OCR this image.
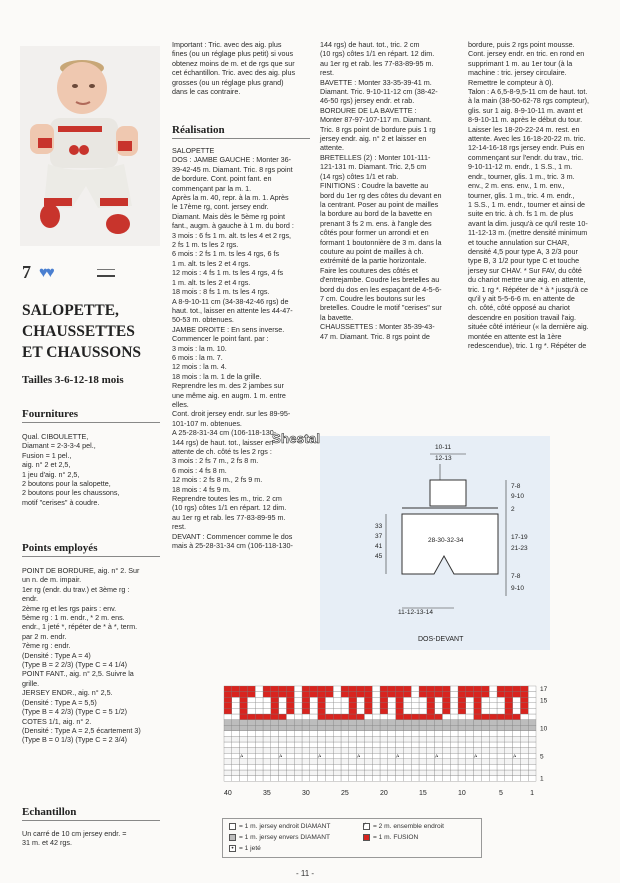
7 ♥♥
SALOPETTE,
CHAUSSETTES
ET CHAUSSONS
Tailles 3-6-12-18 mois
Fournitures
Qual. CIBOULETTE,
Diamant = 2-3-3-4 pel.,
Fusion = 1 pel.,
aig. n° 2 et 2,5,
1 jeu d'aig. n° 2,5,
2 boutons pour la salopette,
2 boutons pour les chaussons,
motif "cerises" à coudre.
Points employés
POINT DE BORDURE, aig. n° 2. Sur
un n. de m. impair.
1er rg (endr. du trav.) et 3ème rg :
endr.
2ème rg et les rgs pairs : env.
5ème rg : 1 m. endr., * 2 m. ens.
endr., 1 jeté *, répéter de * à *, term.
par 2 m. endr.
7ème rg : endr.
(Densité : Type A = 4)
(Type B = 2 2/3) (Type C = 4 1/4)
POINT FANT., aig. n° 2,5. Suivre la
grille.
JERSEY ENDR., aig. n° 2,5.
(Densité : Type A = 5,5)
(Type B = 4 2/3) (Type C = 5 1/2)
COTES 1/1, aig. n° 2.
(Densité : Type A = 2,5 écartement 3)
(Type B = 0 1/3) (Type C = 2 3/4)
Echantillon
Un carré de 10 cm jersey endr. =
31 m. et 42 rgs.
Important : Tric. avec des aig. plus
fines (ou un réglage plus petit) si vous
obtenez moins de m. et de rgs que sur
cet échantillon. Tric. avec des aig. plus
grosses (ou un réglage plus grand)
dans le cas contraire.
Réalisation
SALOPETTE
DOS : JAMBE GAUCHE : Monter 36-
39-42-45 m. Diamant. Tric. 8 rgs point
de bordure. Cont. point fant. en
commençant par la m. 1.
Après la m. 40, repr. à la m. 1. Après
le 17ème rg, cont. jersey endr.
Diamant. Mais dès le 5ème rg point
fant., augm. à gauche à 1 m. du bord :
3 mois : 6 fs 1 m. alt. ts les 4 et 2 rgs,
2 fs 1 m. ts les 2 rgs.
6 mois : 2 fs 1 m. ts les 4 rgs, 6 fs
1 m. alt. ts les 2 et 4 rgs.
12 mois : 4 fs 1 m. ts les 4 rgs, 4 fs
1 m. alt. ts les 2 et 4 rgs.
18 mois : 8 fs 1 m. ts les 4 rgs.
A 8-9-10-11 cm (34-38-42-46 rgs) de
haut. tot., laisser en attente les 44-47-
50-53 m. obtenues.
JAMBE DROITE : En sens inverse.
Commencer le point fant. par :
3 mois : la m. 10.
6 mois : la m. 7.
12 mois : la m. 4.
18 mois : la m. 1 de la grille.
Reprendre les m. des 2 jambes sur
une même aig. en augm. 1 m. entre
elles.
Cont. droit jersey endr. sur les 89-95-
101-107 m. obtenues.
A 25-28-31-34 cm (106-118-130-
144 rgs) de haut. tot., laisser en
attente de ch. côté ts les 2 rgs :
3 mois : 2 fs 7 m., 2 fs 8 m.
6 mois : 4 fs 8 m.
12 mois : 2 fs 8 m., 2 fs 9 m.
18 mois : 4 fs 9 m.
Reprendre toutes les m., tric. 2 cm
(10 rgs) côtes 1/1 en répart. 12 dim.
au 1er rg et rab. les 77-83-89-95 m.
rest.
DEVANT : Commencer comme le dos
mais à 25-28-31-34 cm (106-118-130-
144 rgs) de haut. tot., tric. 2 cm
(10 rgs) côtes 1/1 en répart. 12 dim.
au 1er rg et rab. les 77-83-89-95 m.
rest.
BAVETTE : Monter 33-35-39-41 m.
Diamant. Tric. 9-10-11-12 cm (38-42-
46-50 rgs) jersey endr. et rab.
BORDURE DE LA BAVETTE :
Monter 87-97-107-117 m. Diamant.
Tric. 8 rgs point de bordure puis 1 rg
jersey endr. aig. n° 2 et laisser en
attente.
BRETELLES (2) : Monter 101-111-
121-131 m. Diamant. Tric. 2,5 cm
(14 rgs) côtes 1/1 et rab.
FINITIONS : Coudre la bavette au
bord du 1er rg des côtes du devant en
la centrant. Poser au point de mailles
la bordure au bord de la bavette en
prenant 3 fs 2 m. ens. à l'angle des
côtés pour former un arrondi et en
formant 1 boutonnière de 3 m. dans la
couture au point de mailles à ch.
extrémité de la partie horizontale.
Faire les coutures des côtés et
d'entrejambe. Coudre les bretelles au
bord du dos en les espaçant de 4-5-6-
7 cm. Coudre les boutons sur les
bretelles. Coudre le motif "cerises" sur
la bavette.
CHAUSSETTES : Monter 35-39-43-
47 m. Diamant. Tric. 8 rgs point de
bordure, puis 2 rgs point mousse.
Cont. jersey endr. en tric. en rond en
supprimant 1 m. au 1er tour (à la
machine : tric. jersey circulaire.
Remettre le compteur à 0).
Talon : A 6,5-8-9,5-11 cm de haut. tot.
à la main (38-50-62-78 rgs compteur),
glis. sur 1 aig. 8-9-10-11 m. avant et
8-9-10-11 m. après le début du tour.
Laisser les 18-20-22-24 m. rest. en
attente. Avec les 16-18-20-22 m. tric.
12-14-16-18 rgs jersey endr. Puis en
commençant sur l'endr. du trav., tric.
9-10-11-12 m. endr., 1 S.S., 1 m.
endr., tourner, glis. 1 m., tric. 3 m.
env., 2 m. ens. env., 1 m. env.,
tourner, glis. 1 m., tric. 4 m. endr.,
1 S.S., 1 m. endr., tourner et ainsi de
suite en tric. à ch. fs 1 m. de plus
avant la dim. jusqu'à ce qu'il reste 10-
11-12-13 m. (mettre densité minimum
et touche annulation sur CHAR,
densité 4,5 pour type A, 3 2/3 pour
type B, 3 1/2 pour type C et touche
jersey sur CHAV. * Sur FAV, du côté
du chariot mettre une aig. en attente,
tric. 1 rg *. Répéter de * à * jusqu'à ce
qu'il y ait 5-5-6-6 m. en attente de
ch. côté, côté opposé au chariot
descendre en position travail l'aig.
située côté intérieur (« la dernière aig.
montée en attente est la 1ère
redescendue), tric. 1 rg *. Répéter de
Shestal
10-11
12-13
7-8
9-10
2
17-19
21-23
7-8
9-10
33
37
41
45
28-30-32-34
11-12-13-14
DOS-DEVANT
⁄•
⁄•
⁄•
⁄•
⁄•
⁄•
⁄•
⁄•
40	35	30	25	20	15	10	5	1
17
15
10
5
1
= 1 m. jersey endroit DIAMANT
= 1 m. jersey envers DIAMANT
• = 1 jeté
⁄	= 2 m. ensemble endroit
= 1 m. FUSION
- 11 -
